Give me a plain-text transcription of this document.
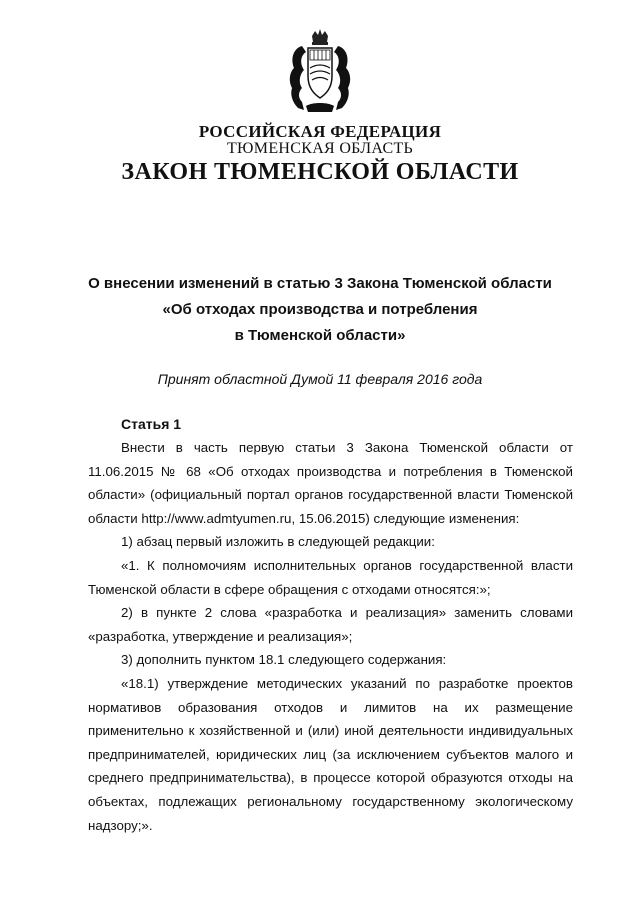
РОССИЙСКАЯ ФЕДЕРАЦИЯ
ТЮМЕНСКАЯ ОБЛАСТЬ
ЗАКОН ТЮМЕНСКОЙ ОБЛАСТИ
О внесении изменений в статью 3 Закона Тюменской области
«Об отходах производства и потребления
в Тюменской области»
Принят областной Думой 11 февраля 2016 года
Статья 1

Внести в часть первую статьи 3 Закона Тюменской области от 11.06.2015 № 68 «Об отходах производства и потребления в Тюменской области» (официальный портал органов государственной власти Тюменской области http://www.admtyumen.ru, 15.06.2015) следующие изменения:

1) абзац первый изложить в следующей редакции:

«1. К полномочиям исполнительных органов государственной власти Тюменской области в сфере обращения с отходами относятся:»;

2) в пункте 2 слова «разработка и реализация» заменить словами «разработка, утверждение и реализация»;

3) дополнить пунктом 18.1 следующего содержания:

«18.1) утверждение методических указаний по разработке проектов нормативов образования отходов и лимитов на их размещение применительно к хозяйственной и (или) иной деятельности индивидуальных предпринимателей, юридических лиц (за исключением субъектов малого и среднего предпринимательства), в процессе которой образуются отходы на объектах, подлежащих региональному государственному экологическому надзору;».
